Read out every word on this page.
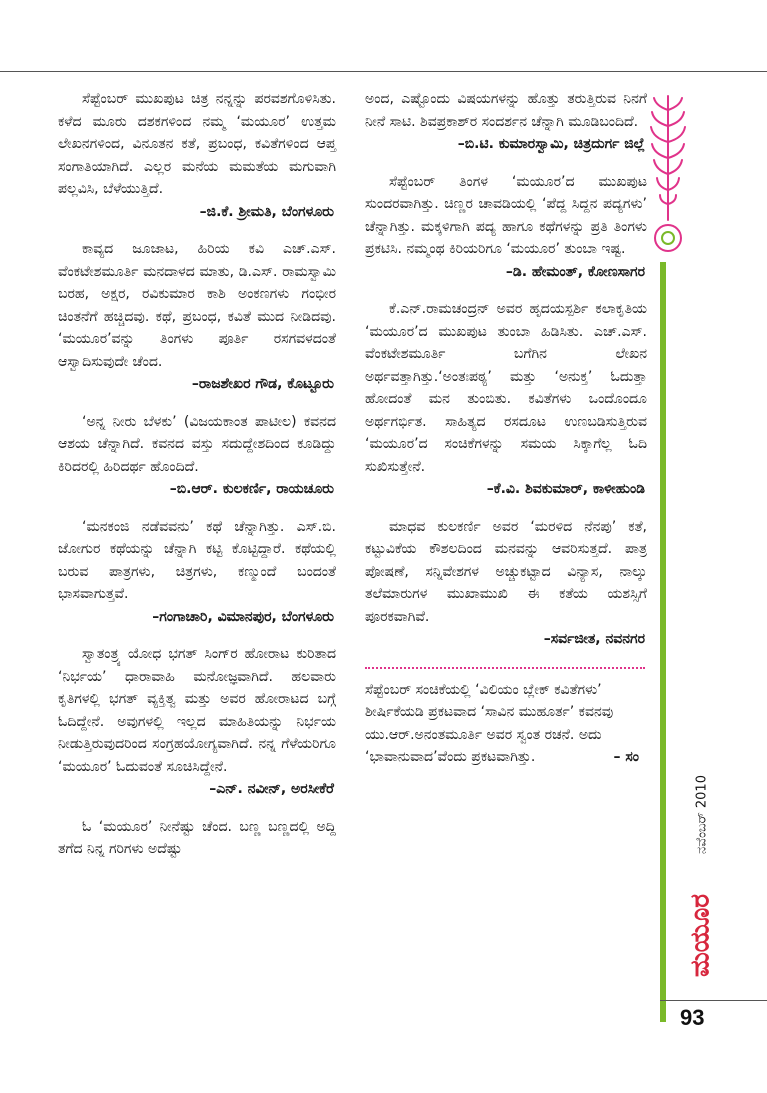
ಸೆಪ್ಟೆಂಬರ್ ಮುಖಪುಟ ಚಿತ್ರ ನನ್ನನ್ನು ಪರವಶಗೊಳಿಸಿತು. ಕಳೆದ ಮೂರು ದಶಕಗಳಿಂದ ನಮ್ಮ ‘ಮಯೂರ’ ಉತ್ತಮ ಲೇಖನಗಳಿಂದ, ವಿನೂತನ ಕತೆ, ಪ್ರಬಂಧ, ಕವಿತೆಗಳಿಂದ ಆಪ್ತ ಸಂಗಾತಿಯಾಗಿದೆ. ಎಲ್ಲರ ಮನೆಯ ಮಮತೆಯ ಮಗುವಾಗಿ ಪಲ್ಲವಿಸಿ, ಬೆಳೆಯುತ್ತಿದೆ.
–ಜಿ.ಕೆ. ಶ್ರೀಮತಿ, ಬೆಂಗಳೂರು
ಕಾವ್ಯದ ಜೂಜಾಟ, ಹಿರಿಯ ಕವಿ ಎಚ್.ಎಸ್. ವೆಂಕಟೇಶಮೂರ್ತಿ ಮನದಾಳದ ಮಾತು, ಡಿ.ಎಸ್. ರಾಮಸ್ವಾಮಿ ಬರಹ, ಅಕ್ಷರ, ರವಿಕುಮಾರ ಕಾಶಿ ಅಂಕಣಗಳು ಗಂಭೀರ ಚಿಂತನೆಗೆ ಹಚ್ಚಿದವು. ಕಥೆ, ಪ್ರಬಂಧ, ಕವಿತೆ ಮುದ ನೀಡಿದವು. ‘ಮಯೂರ’ವನ್ನು ತಿಂಗಳು ಪೂರ್ತಿ ರಸಗವಳದಂತೆ ಆಸ್ವಾದಿಸುವುದೇ ಚೆಂದ.
–ರಾಜಶೇಖರ ಗೌಡ, ಕೊಟ್ಟೂರು
‘ಅನ್ನ ನೀರು ಬೆಳಕು’ (ವಿಜಯಕಾಂತ ಪಾಟೀಲ) ಕವನದ ಆಶಯ ಚೆನ್ನಾಗಿದೆ. ಕವನದ ವಸ್ತು ಸದುದ್ದೇಶದಿಂದ ಕೂಡಿದ್ದು ಕಿರಿದರಲ್ಲಿ ಹಿರಿದರ್ಥ ಹೊಂದಿದೆ.
–ಬಿ.ಆರ್. ಕುಲಕರ್ಣಿ, ರಾಯಚೂರು
‘ಮನಕಂಜಿ ನಡೆವವನು’ ಕಥೆ ಚೆನ್ನಾಗಿತ್ತು. ಎಸ್.ಬಿ. ಜೋಗುರ ಕಥೆಯನ್ನು ಚೆನ್ನಾಗಿ ಕಟ್ಟಿ ಕೊಟ್ಟಿದ್ದಾರೆ. ಕಥೆಯಲ್ಲಿ ಬರುವ ಪಾತ್ರಗಳು, ಚಿತ್ರಗಳು, ಕಣ್ಮುಂದೆ ಬಂದಂತೆ ಭಾಸವಾಗುತ್ತವೆ.
–ಗಂಗಾಚಾರಿ, ವಿಮಾನಪುರ, ಬೆಂಗಳೂರು
ಸ್ವಾತಂತ್ರ್ಯ ಯೋಧ ಭಗತ್ ಸಿಂಗ್‌ರ ಹೋರಾಟ ಕುರಿತಾದ ‘ನಿರ್ಭಯ’ ಧಾರಾವಾಹಿ ಮನೋಜ್ಞವಾಗಿದೆ. ಹಲವಾರು ಕೃತಿಗಳಲ್ಲಿ ಭಗತ್ ವ್ಯಕ್ತಿತ್ವ ಮತ್ತು ಅವರ ಹೋರಾಟದ ಬಗ್ಗೆ ಓದಿದ್ದೇನೆ. ಅವುಗಳಲ್ಲಿ ಇಲ್ಲದ ಮಾಹಿತಿಯನ್ನು ನಿರ್ಭಯ ನೀಡುತ್ತಿರುವುದರಿಂದ ಸಂಗ್ರಹಯೋಗ್ಯವಾಗಿದೆ. ನನ್ನ ಗೆಳೆಯರಿಗೂ ‘ಮಯೂರ’ ಓದುವಂತೆ ಸೂಚಿಸಿದ್ದೇನೆ.
–ಎನ್. ನವೀನ್, ಅರಸೀಕೆರೆ
ಓ ‘ಮಯೂರ’ ನೀನೆಷ್ಟು ಚೆಂದ. ಬಣ್ಣ ಬಣ್ಣದಲ್ಲಿ ಅದ್ದಿ ತಗೆದ ನಿನ್ನ ಗರಿಗಳು ಅದೆಷ್ಟು
ಅಂದ, ಎಷ್ಟೊಂದು ವಿಷಯಗಳನ್ನು ಹೊತ್ತು ತರುತ್ತಿರುವ ನಿನಗೆ ನೀನೆ ಸಾಟಿ. ಶಿವಪ್ರಕಾಶ್‌ರ ಸಂದರ್ಶನ ಚೆನ್ನಾಗಿ ಮೂಡಿಬಂದಿದೆ.
–ಬಿ.ಟಿ. ಕುಮಾರಸ್ವಾಮಿ, ಚಿತ್ರದುರ್ಗ ಜಿಲ್ಲೆ
ಸೆಪ್ಟೆಂಬರ್ ತಿಂಗಳ ‘ಮಯೂರ’ದ ಮುಖಪುಟ ಸುಂದರವಾಗಿತ್ತು. ಚಿಣ್ಣರ ಚಾವಡಿಯಲ್ಲಿ ‘ಪೆದ್ದ ಸಿದ್ದನ ಪದ್ಯಗಳು’ ಚೆನ್ನಾಗಿತ್ತು. ಮಕ್ಕಳಿಗಾಗಿ ಪದ್ಯ ಹಾಗೂ ಕಥೆಗಳನ್ನು ಪ್ರತಿ ತಿಂಗಳು ಪ್ರಕಟಿಸಿ. ನಮ್ಮಂಥ ಕಿರಿಯರಿಗೂ ‘ಮಯೂರ’ ತುಂಬಾ ಇಷ್ಟ.
–ಡಿ. ಹೇಮಂತ್, ಕೋಣಸಾಗರ
ಕೆ.ಎನ್.ರಾಮಚಂದ್ರನ್ ಅವರ ಹೃದಯಸ್ಪರ್ಶಿ ಕಲಾಕೃತಿಯ ‘ಮಯೂರ’ದ ಮುಖಪುಟ ತುಂಬಾ ಹಿಡಿಸಿತು. ಎಚ್.ಎಸ್. ವೆಂಕಟೇಶಮೂರ್ತಿ ಬಗೆಗಿನ ಲೇಖನ ಅರ್ಥವತ್ತಾಗಿತ್ತು.‘ಅಂತಃಪಠ್ಯ’ ಮತ್ತು ‘ಅನುಕ್ತ’ ಓದುತ್ತಾ ಹೋದಂತೆ ಮನ ತುಂಬಿತು. ಕವಿತೆಗಳು ಒಂದೊಂದೂ ಅರ್ಥಗರ್ಭಿತ. ಸಾಹಿತ್ಯದ ರಸದೂಟ ಉಣಬಡಿಸುತ್ತಿರುವ ‘ಮಯೂರ’ದ ಸಂಚಿಕೆಗಳನ್ನು ಸಮಯ ಸಿಕ್ಕಾಗೆಲ್ಲ ಓದಿ ಸುಖಿಸುತ್ತೇನೆ.
–ಕೆ.ವಿ. ಶಿವಕುಮಾರ್, ಕಾಳೀಹುಂಡಿ
ಮಾಧವ ಕುಲಕರ್ಣಿ ಅವರ ‘ಮರಳಿದ ನೆನಪು’ ಕತೆ, ಕಟ್ಟುವಿಕೆಯ ಕೌಶಲದಿಂದ ಮನವನ್ನು ಆವರಿಸುತ್ತದೆ. ಪಾತ್ರ ಪೋಷಣೆ, ಸನ್ನಿವೇಶಗಳ ಅಚ್ಚುಕಟ್ಟಾದ ವಿನ್ಯಾಸ, ನಾಲ್ಕು ತಲೆಮಾರುಗಳ ಮುಖಾಮುಖಿ ಈ ಕತೆಯ ಯಶಸ್ಸಿಗೆ ಪೂರಕವಾಗಿವೆ.
–ಸರ್ವಜೀತ, ನವನಗರ
ಸೆಪ್ಟೆಂಬರ್ ಸಂಚಿಕೆಯಲ್ಲಿ ‘ವಿಲಿಯಂ ಬ್ಲೇಕ್ ಕವಿತೆಗಳು’ ಶೀರ್ಷಿಕೆಯಡಿ ಪ್ರಕಟವಾದ ‘ಸಾವಿನ ಮುಹೂರ್ತ’ ಕವನವು ಯು.ಆರ್.ಅನಂತಮೂರ್ತಿ ಅವರ ಸ್ವಂತ ರಚನೆ. ಅದು ‘ಭಾವಾನುವಾದ’ವೆಂದು ಪ್ರಕಟವಾಗಿತ್ತು.	– ಸಂ
ನವೆಂಬರ್ 2010
ಮಯೂರ
93
